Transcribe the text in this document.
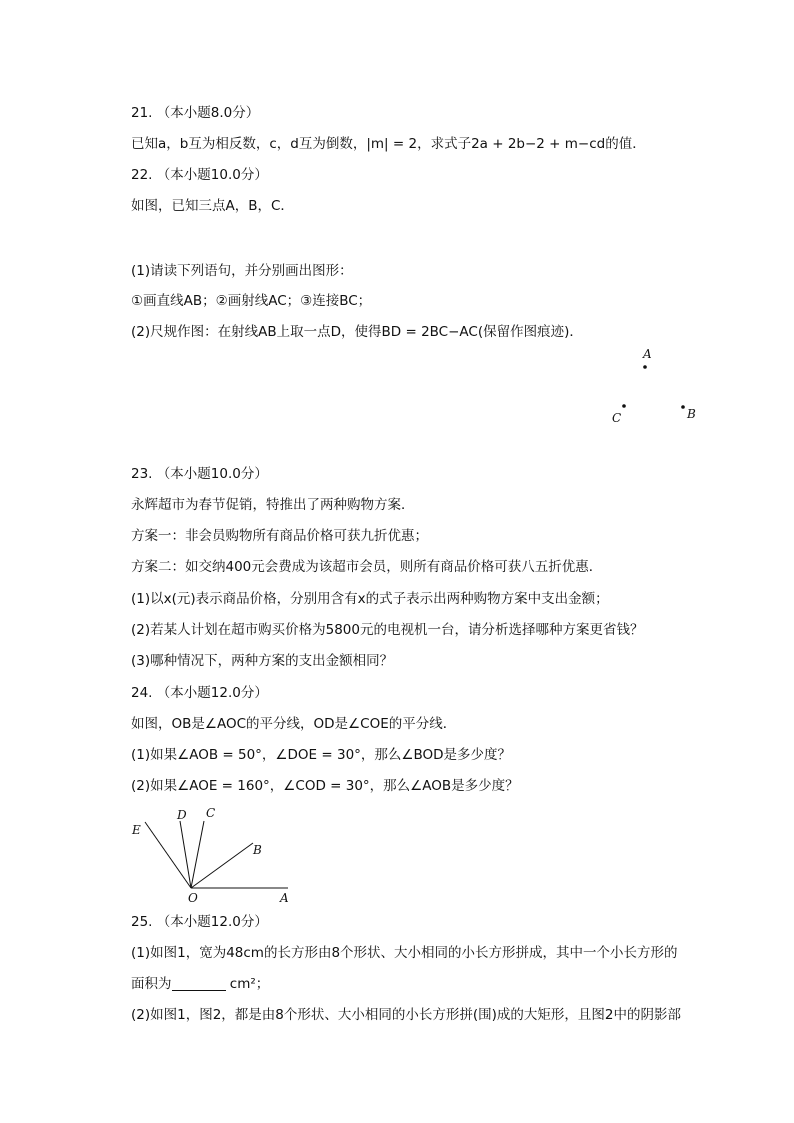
21. （本小题8.0分）
已知a，b互为相反数，c，d互为倒数，|m| = 2，求式子2a + 2b−2 + m−cd的值．
22. （本小题10.0分）
如图，已知三点A，B，C．
(1)请读下列语句，并分别画出图形：
①画直线AB；②画射线AC；③连接BC；
(2)尺规作图：在射线AB上取一点D，使得BD = 2BC−AC(保留作图痕迹)．
A
C	B
23. （本小题10.0分）
永辉超市为春节促销，特推出了两种购物方案．
方案一：非会员购物所有商品价格可获九折优惠；
方案二：如交纳400元会费成为该超市会员，则所有商品价格可获八五折优惠．
(1)以x(元)表示商品价格，分别用含有x的式子表示出两种购物方案中支出金额；
(2)若某人计划在超市购买价格为5800元的电视机一台，请分析选择哪种方案更省钱？
(3)哪种情况下，两种方案的支出金额相同？
24. （本小题12.0分）
如图，OB是∠AOC的平分线，OD是∠COE的平分线．
(1)如果∠AOB = 50°，∠DOE = 30°，那么∠BOD是多少度？
(2)如果∠AOE = 160°，∠COD = 30°，那么∠AOB是多少度？
O	A
B
C
D
E
25. （本小题12.0分）
(1)如图1，宽为48cm的长方形由8个形状、大小相同的小长方形拼成，其中一个小长方形的
面积为	cm²；
(2)如图1，图2，都是由8个形状、大小相同的小长方形拼(围)成的大矩形，且图2中的阴影部
